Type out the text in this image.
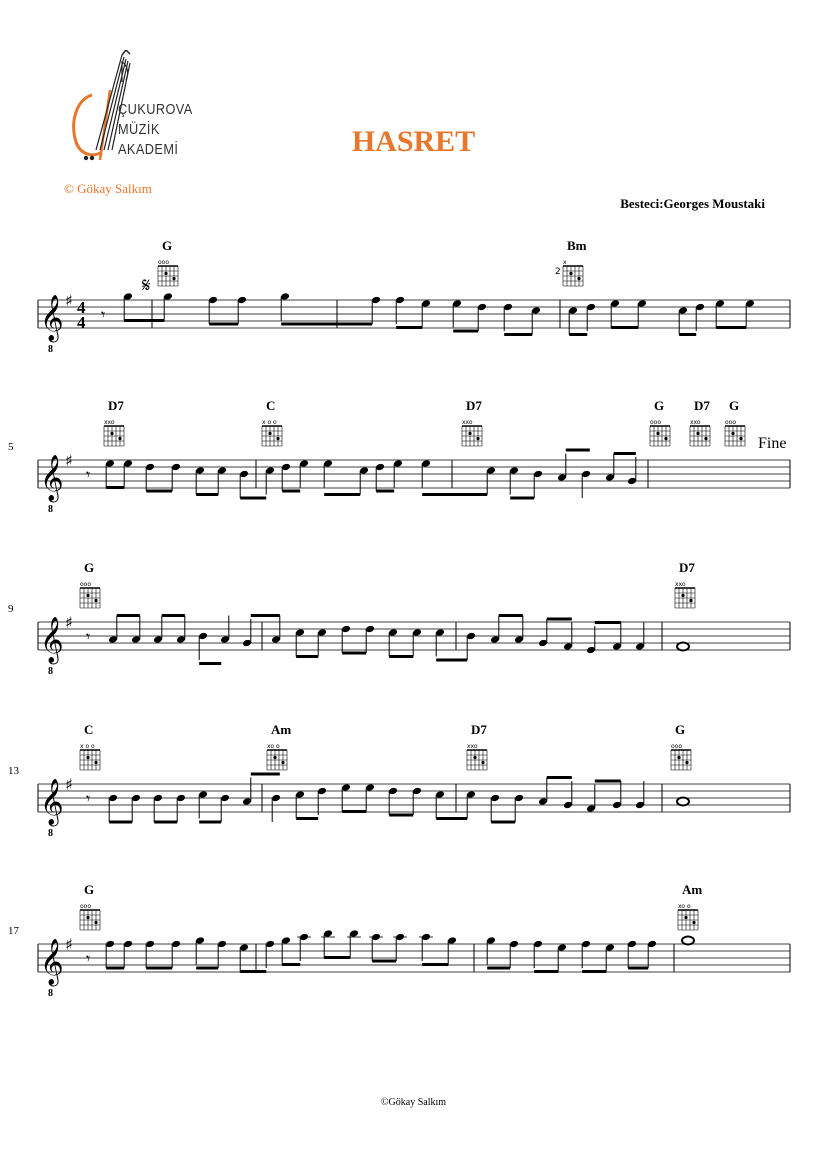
ÇUKUROVA
MÜZİK
AKADEMİ
© Gökay Salkım
HASRET
Besteci:Georges Moustaki
©Gökay Salkım
𝄞
8
♯ 4
4
𝄋
G
ooo
Bm
x
2
𝄾
𝄞
8
♯
5
D7
xxo
C
x o o
D7
xxo
G
ooo
D7
xxo
G
ooo
𝄾
Fine
𝄞
8
♯
9
G
ooo
D7
xxo
𝄾
𝄞
8
♯
13
C
x o o
Am
xo o
D7
xxo
G
ooo
𝄾
𝄞
8
♯
17
G
ooo
Am
xo o
𝄾
